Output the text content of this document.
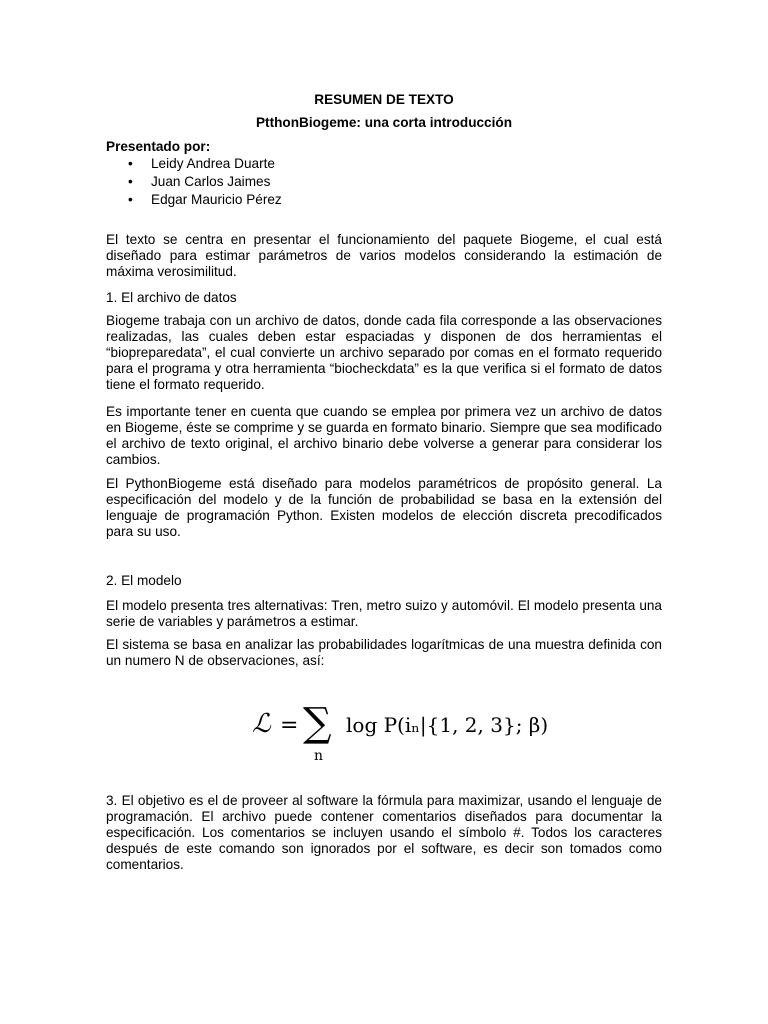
RESUMEN DE TEXTO
PtthonBiogeme: una corta introducción
Presentado por:
• Leidy Andrea Duarte
• Juan Carlos Jaimes
• Edgar Mauricio Pérez

El texto se centra en presentar el funcionamiento del paquete Biogeme, el cual está diseñado para estimar parámetros de varios modelos considerando la estimación de máxima verosimilitud.

1. El archivo de datos

Biogeme trabaja con un archivo de datos, donde cada fila corresponde a las observaciones realizadas, las cuales deben estar espaciadas y disponen de dos herramientas el “biopreparedata”, el cual convierte un archivo separado por comas en el formato requerido para el programa y otra herramienta “biocheckdata” es la que verifica si el formato de datos tiene el formato requerido.

Es importante tener en cuenta que cuando se emplea por primera vez un archivo de datos en Biogeme, éste se comprime y se guarda en formato binario. Siempre que sea modificado el archivo de texto original, el archivo binario debe volverse a generar para considerar los cambios.

El PythonBiogeme está diseñado para modelos paramétricos de propósito general. La especificación del modelo y de la función de probabilidad se basa en la extensión del lenguaje de programación Python. Existen modelos de elección discreta precodificados para su uso.

2. El modelo

El modelo presenta tres alternativas: Tren, metro suizo y automóvil. El modelo presenta una serie de variables y parámetros a estimar.

El sistema se basa en analizar las probabilidades logarítmicas de una muestra definida con un numero N de observaciones, así:

ℒ = ∑
n
log P(iₙ|{1, 2, 3}; β)

3. El objetivo es el de proveer al software la fórmula para maximizar, usando el lenguaje de programación. El archivo puede contener comentarios diseñados para documentar la especificación. Los comentarios se incluyen usando el símbolo #. Todos los caracteres después de este comando son ignorados por el software, es decir son tomados como comentarios.
